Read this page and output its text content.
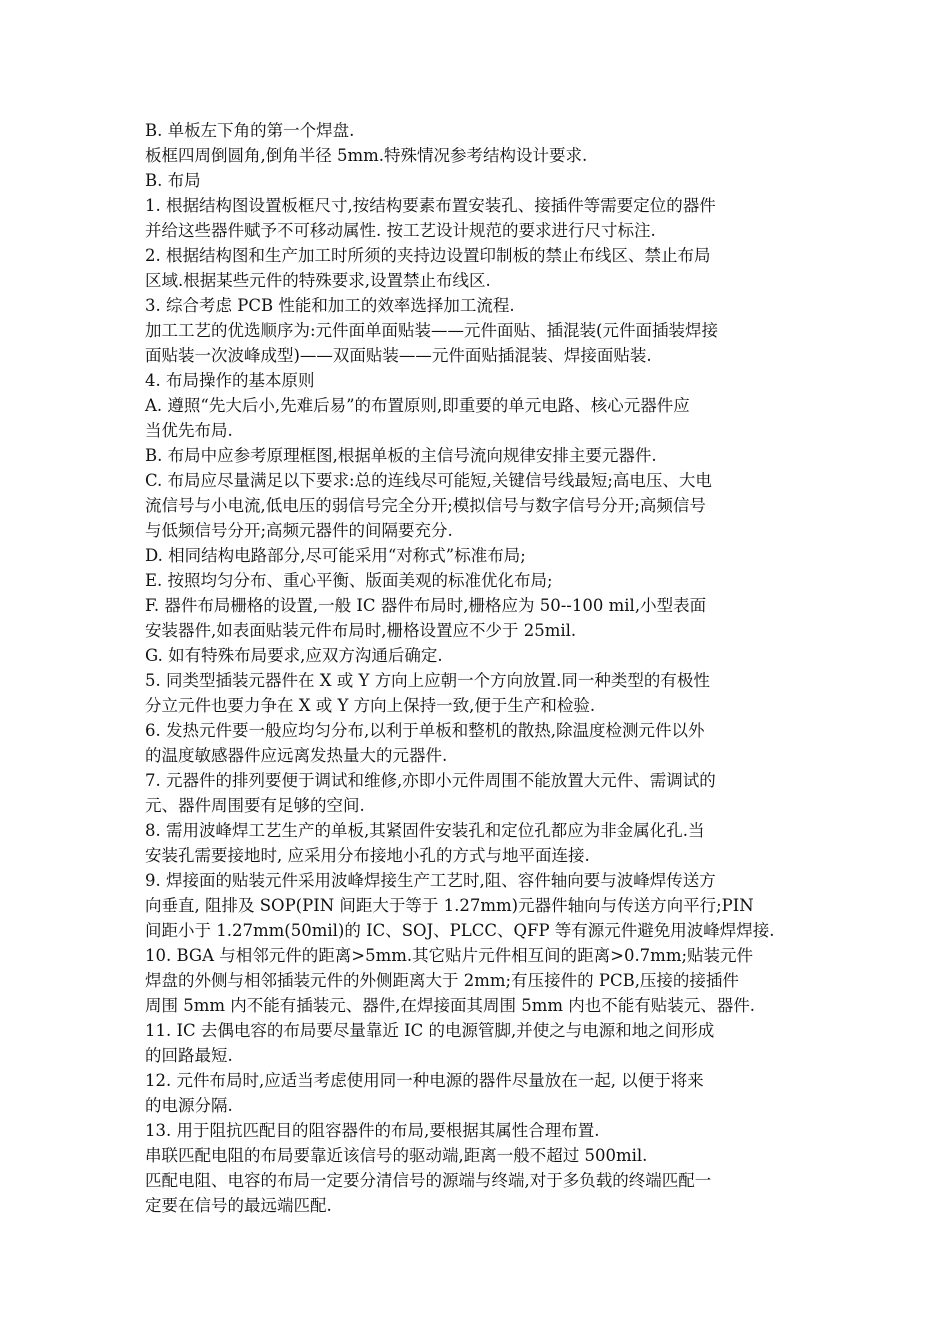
B. 单板左下角的第一个焊盘.
板框四周倒圆角,倒角半径 5mm.特殊情况参考结构设计要求.
B. 布局
1. 根据结构图设置板框尺寸,按结构要素布置安装孔、接插件等需要定位的器件
并给这些器件赋予不可移动属性. 按工艺设计规范的要求进行尺寸标注.
2. 根据结构图和生产加工时所须的夹持边设置印制板的禁止布线区、禁止布局
区域.根据某些元件的特殊要求,设置禁止布线区.
3. 综合考虑 PCB 性能和加工的效率选择加工流程.
加工工艺的优选顺序为:元件面单面贴装——元件面贴、插混装(元件面插装焊接
面贴装一次波峰成型)——双面贴装——元件面贴插混装、焊接面贴装.
4. 布局操作的基本原则
A. 遵照“先大后小,先难后易”的布置原则,即重要的单元电路、核心元器件应
当优先布局.
B. 布局中应参考原理框图,根据单板的主信号流向规律安排主要元器件.
C. 布局应尽量满足以下要求:总的连线尽可能短,关键信号线最短;高电压、大电
流信号与小电流,低电压的弱信号完全分开;模拟信号与数字信号分开;高频信号
与低频信号分开;高频元器件的间隔要充分.
D. 相同结构电路部分,尽可能采用“对称式”标准布局;
E. 按照均匀分布、重心平衡、版面美观的标准优化布局;
F. 器件布局栅格的设置,一般 IC 器件布局时,栅格应为 50--100 mil,小型表面
安装器件,如表面贴装元件布局时,栅格设置应不少于 25mil.
G. 如有特殊布局要求,应双方沟通后确定.
5. 同类型插装元器件在 X 或 Y 方向上应朝一个方向放置.同一种类型的有极性
分立元件也要力争在 X 或 Y 方向上保持一致,便于生产和检验.
6. 发热元件要一般应均匀分布,以利于单板和整机的散热,除温度检测元件以外
的温度敏感器件应远离发热量大的元器件.
7. 元器件的排列要便于调试和维修,亦即小元件周围不能放置大元件、需调试的
元、器件周围要有足够的空间.
8. 需用波峰焊工艺生产的单板,其紧固件安装孔和定位孔都应为非金属化孔.当
安装孔需要接地时, 应采用分布接地小孔的方式与地平面连接.
9. 焊接面的贴装元件采用波峰焊接生产工艺时,阻、容件轴向要与波峰焊传送方
向垂直, 阻排及 SOP(PIN 间距大于等于 1.27mm)元器件轴向与传送方向平行;PIN
间距小于 1.27mm(50mil)的 IC、SOJ、PLCC、QFP 等有源元件避免用波峰焊焊接.
10. BGA 与相邻元件的距离>5mm.其它贴片元件相互间的距离>0.7mm;贴装元件
焊盘的外侧与相邻插装元件的外侧距离大于 2mm;有压接件的 PCB,压接的接插件
周围 5mm 内不能有插装元、器件,在焊接面其周围 5mm 内也不能有贴装元、器件.
11. IC 去偶电容的布局要尽量靠近 IC 的电源管脚,并使之与电源和地之间形成
的回路最短.
12. 元件布局时,应适当考虑使用同一种电源的器件尽量放在一起, 以便于将来
的电源分隔.
13. 用于阻抗匹配目的阻容器件的布局,要根据其属性合理布置.
串联匹配电阻的布局要靠近该信号的驱动端,距离一般不超过 500mil.
匹配电阻、电容的布局一定要分清信号的源端与终端,对于多负载的终端匹配一
定要在信号的最远端匹配.
